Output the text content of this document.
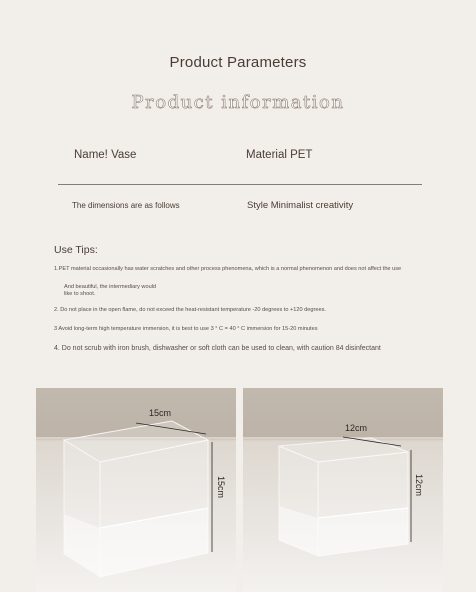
Product Parameters
Product information
Name! Vase	Material PET
The dimensions are as follows	Style Minimalist creativity
Use Tips:
1.PET material occasionally has water scratches and other process phenomena, which is a normal phenomenon and does not affect the use
And beautiful, the intermediary would
like to shoot.
2. Do not place in the open flame, do not exceed the heat-resistant temperature -20 degrees to +120 degrees.
3 Avoid long-term high temperature immersion, it is best to use 3 ° C = 40 ° C immersion for 15-20 minutes
4. Do not scrub with iron brush, dishwasher or soft cloth can be used to clean, with caution 84 disinfectant
15cm
15cm
12cm
12cm
